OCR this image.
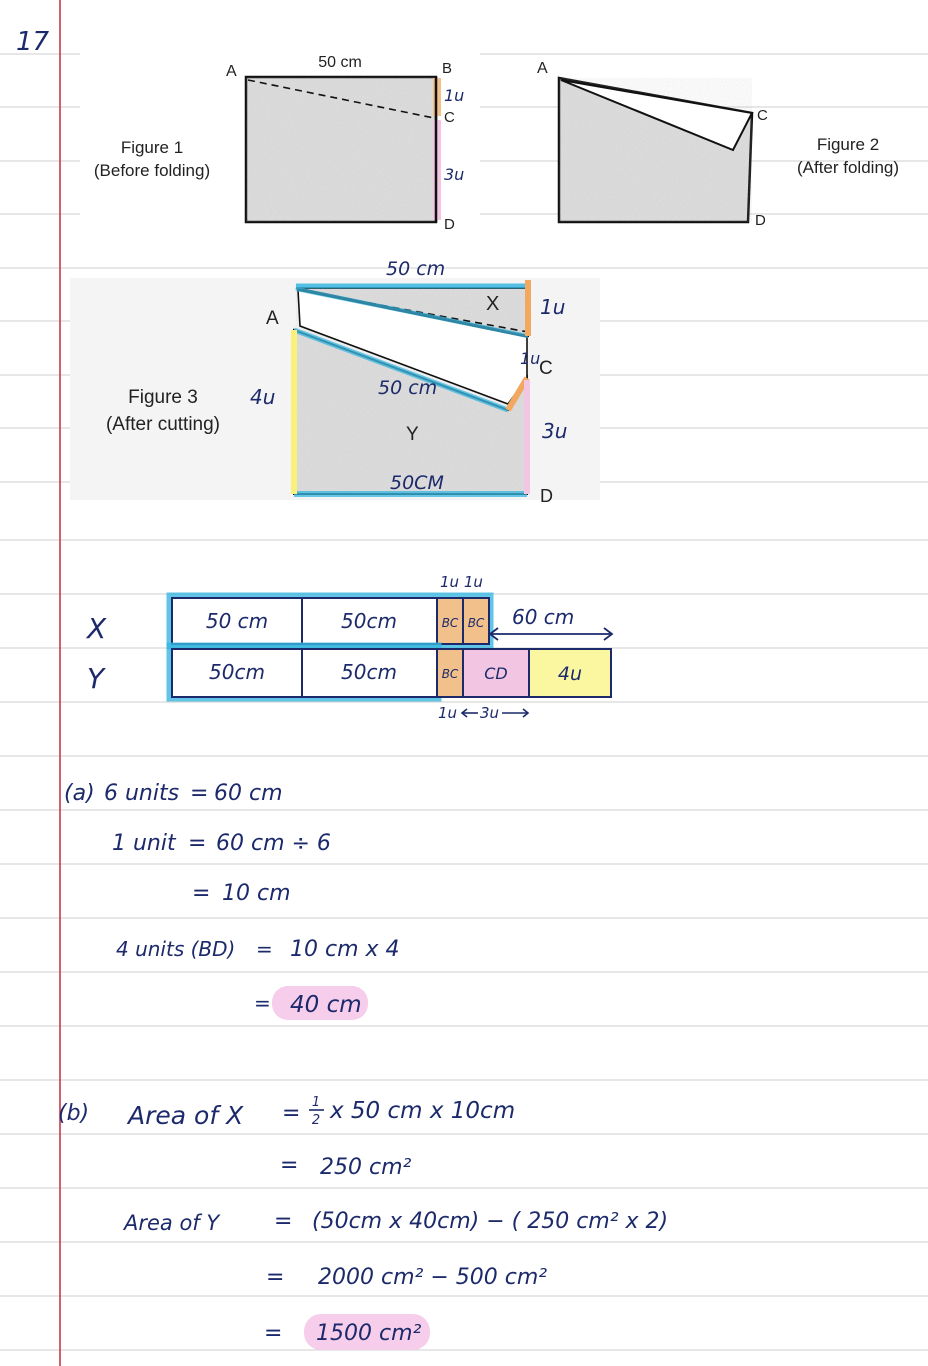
17
Figure 1
(Before folding)
50 cm
A	B
C
D
1u
3u
A
C
D
Figure 2
(After folding)
Figure 3
(After cutting)
A
C
D
X
Y
50 cm
50 cm
50CM
4u
1u
1u
3u
X
Y
50 cm	50cm	BC BC
50cm	50cm	BC CD	4u
1u 1u
60 cm
1u 3u
(a) 6 units = 60 cm
1 unit = 60 cm ÷ 6
= 10 cm
4 units (BD) = 10 cm x 4
= 40 cm
(b) Area of X = 1
2 x 50 cm x 10cm
= 250 cm²
Area of Y = (50cm x 40cm) − ( 250 cm² x 2)
= 2000 cm² − 500 cm²
= 1500 cm²
